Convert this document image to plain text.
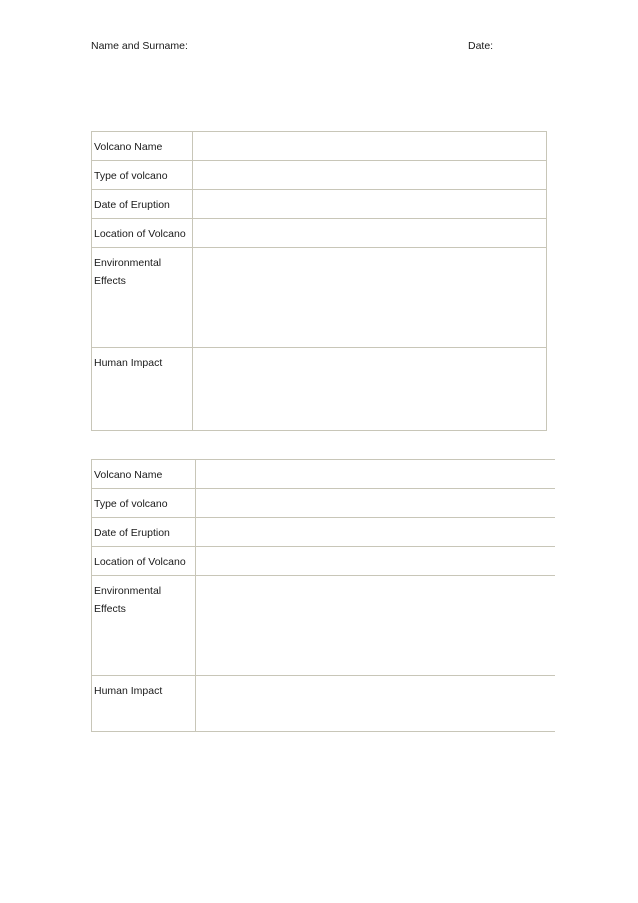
Name and Surname:	Date:
Volcano Name	

Type of volcano	

Date of Eruption	

Location of Volcano	

Environmental Effects	

Human Impact	

Volcano Name	

Type of volcano	

Date of Eruption	

Location of Volcano	

Environmental Effects	

Human Impact	
